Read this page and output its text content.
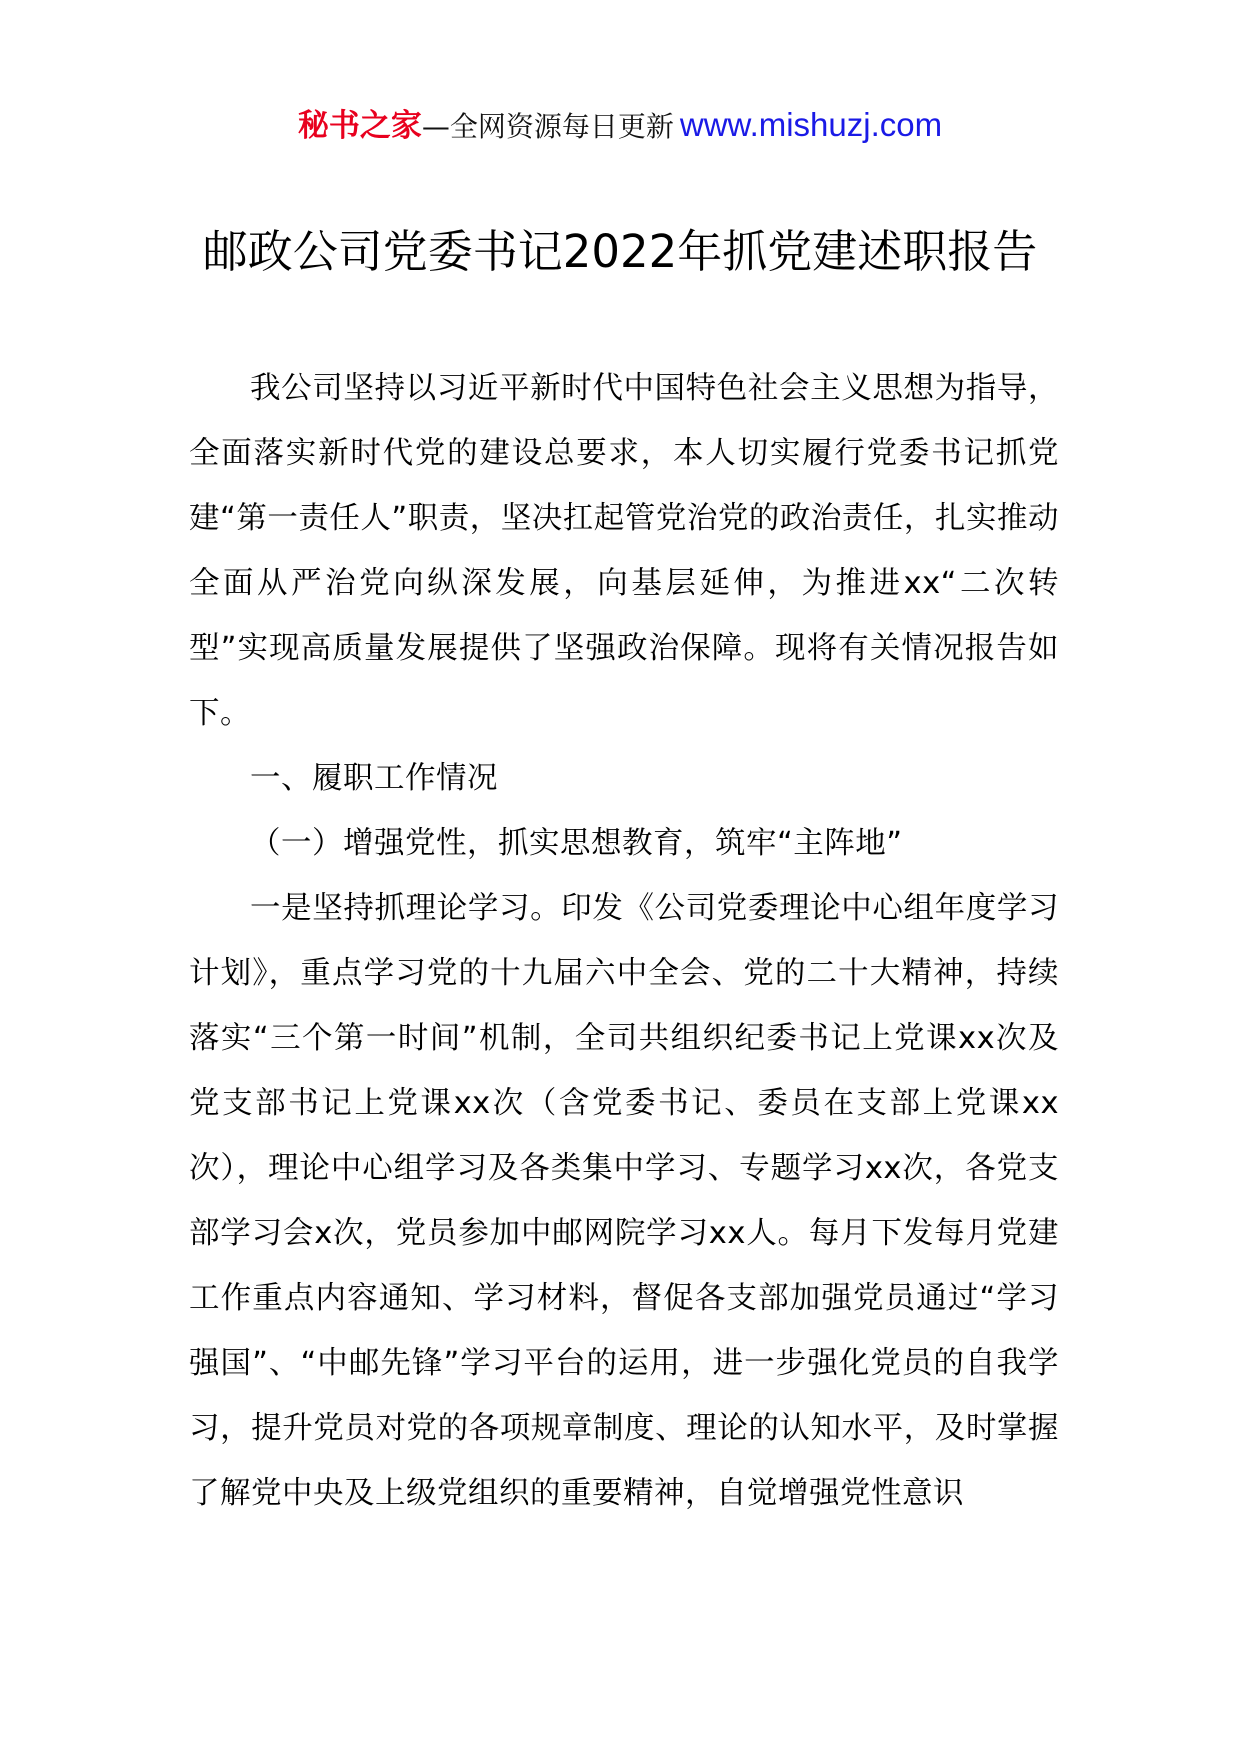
秘书之家—全网资源每日更新 www.mishuzj.com
邮政公司党委书记2022年抓党建述职报告

我公司坚持以习近平新时代中国特色社会主义思想为指导，全面落实新时代党的建设总要求，本人切实履行党委书记抓党建“第一责任人”职责，坚决扛起管党治党的政治责任，扎实推动全面从严治党向纵深发展，向基层延伸，为推进xx“二次转型”实现高质量发展提供了坚强政治保障。现将有关情况报告如下。

一、履职工作情况

（一）增强党性，抓实思想教育，筑牢“主阵地”

一是坚持抓理论学习。印发《公司党委理论中心组年度学习计划》，重点学习党的十九届六中全会、党的二十大精神，持续落实“三个第一时间”机制，全司共组织纪委书记上党课xx次及党支部书记上党课xx次（含党委书记、委员在支部上党课xx次），理论中心组学习及各类集中学习、专题学习xx次，各党支部学习会x次，党员参加中邮网院学习xx人。每月下发每月党建工作重点内容通知、学习材料，督促各支部加强党员通过“学习强国”、“中邮先锋”学习平台的运用，进一步强化党员的自我学习，提升党员对党的各项规章制度、理论的认知水平，及时掌握了解党中央及上级党组织的重要精神，自觉增强党性意识
